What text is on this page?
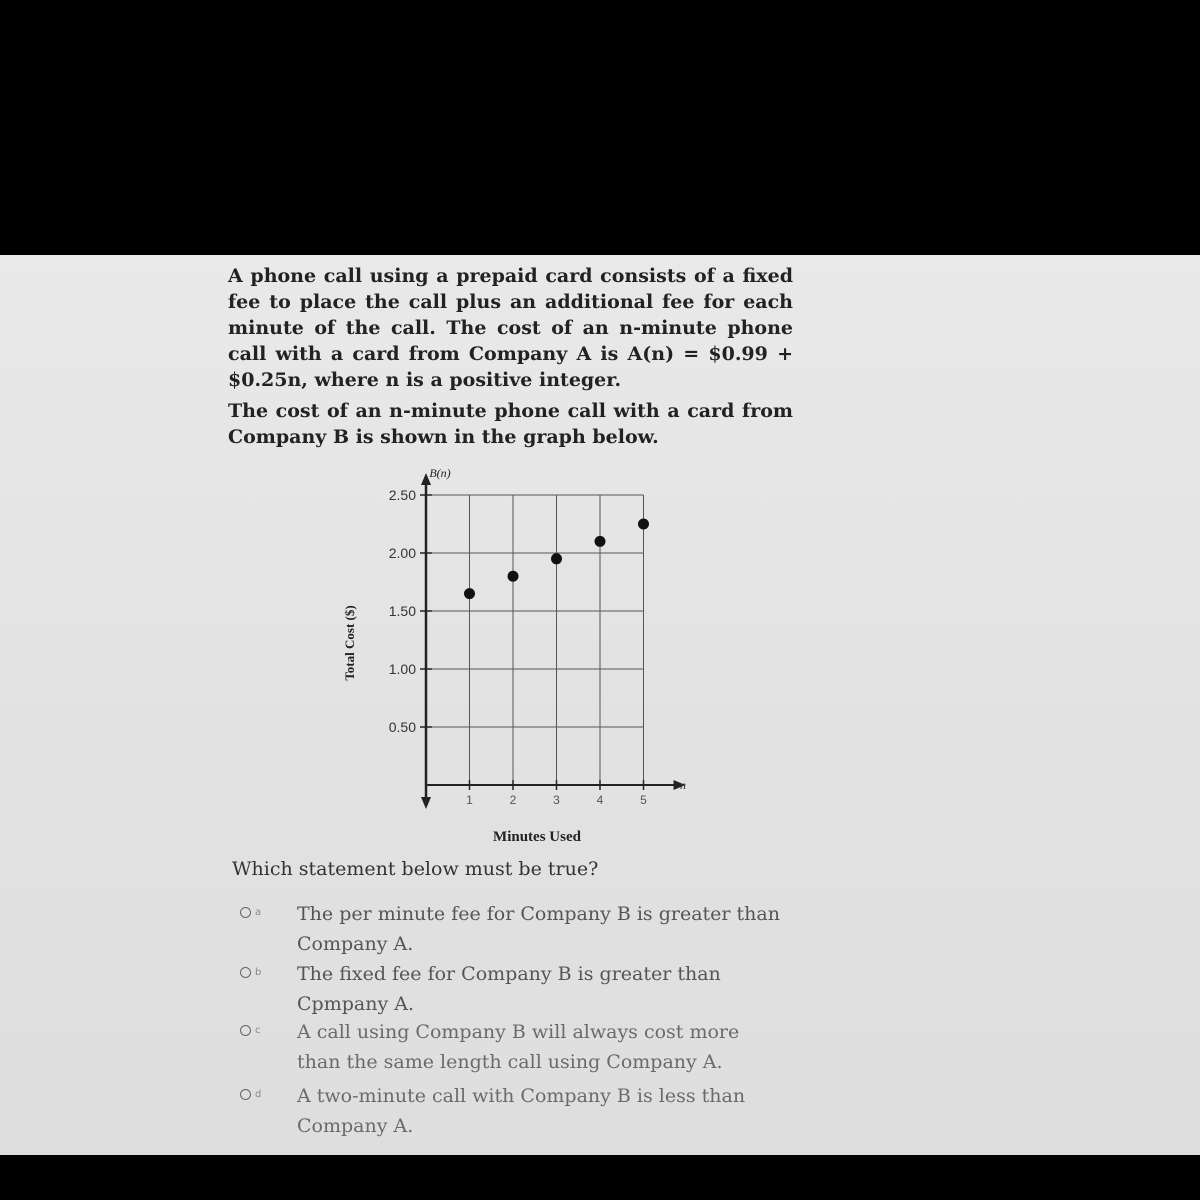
A phone call using a prepaid card consists of a fixed fee to place the call plus an additional fee for each minute of the call. The cost of an n-minute phone call with a card from Company A is A(n) = $0.99 + $0.25n, where n is a positive integer.

The cost of an n-minute phone call with a card from Company B is shown in the graph below.

0.50
1.00
1.50
2.00
2.50
1	2	3	4	5
B(n)
Total Cost ($)
Minutes Used
n

Which statement below must be true?

a The per minute fee for Company B is greater than Company A.
b The fixed fee for Company B is greater than Cpmpany A.
c A call using Company B will always cost more than the same length call using Company A.
d A two-minute call with Company B is less than Company A.
